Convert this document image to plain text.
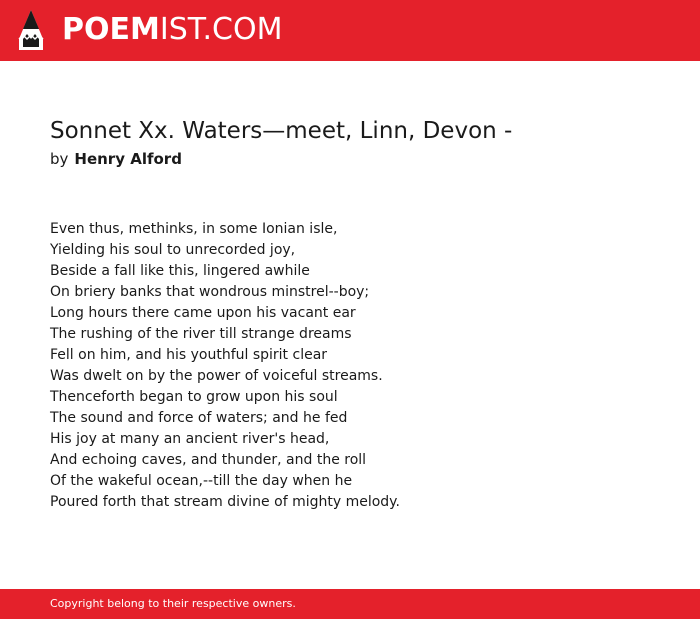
POEMIST.COM
Sonnet Xx. Waters—meet, Linn, Devon -
by Henry Alford
Even thus, methinks, in some Ionian isle,
Yielding his soul to unrecorded joy,
Beside a fall like this, lingered awhile
On briery banks that wondrous minstrel--boy;
Long hours there came upon his vacant ear
The rushing of the river till strange dreams
Fell on him, and his youthful spirit clear
Was dwelt on by the power of voiceful streams.
Thenceforth began to grow upon his soul
The sound and force of waters; and he fed
His joy at many an ancient river's head,
And echoing caves, and thunder, and the roll
Of the wakeful ocean,--till the day when he
Poured forth that stream divine of mighty melody.
Copyright belong to their respective owners.
